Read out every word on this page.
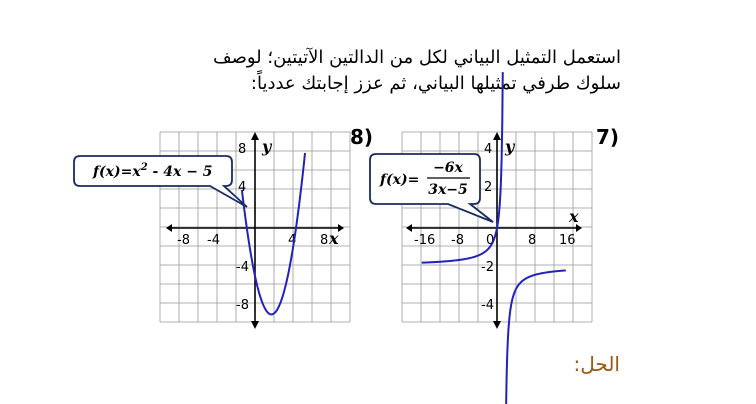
استعمل التمثيل البياني لكل من الدالتين الآتيتين؛ لوصف
سلوك طرفي تمثيلها البياني، ثم عزز إجابتك عددياً:
8)	7)
x
y
-8 -4	4 8
8
4
-4
-8
$f(x)=x^2 - 4x - 5$
x
y
-16 -8 0	8 16
4
2
-2
-4
f(x)=
−6x
3x−5
الحل:
